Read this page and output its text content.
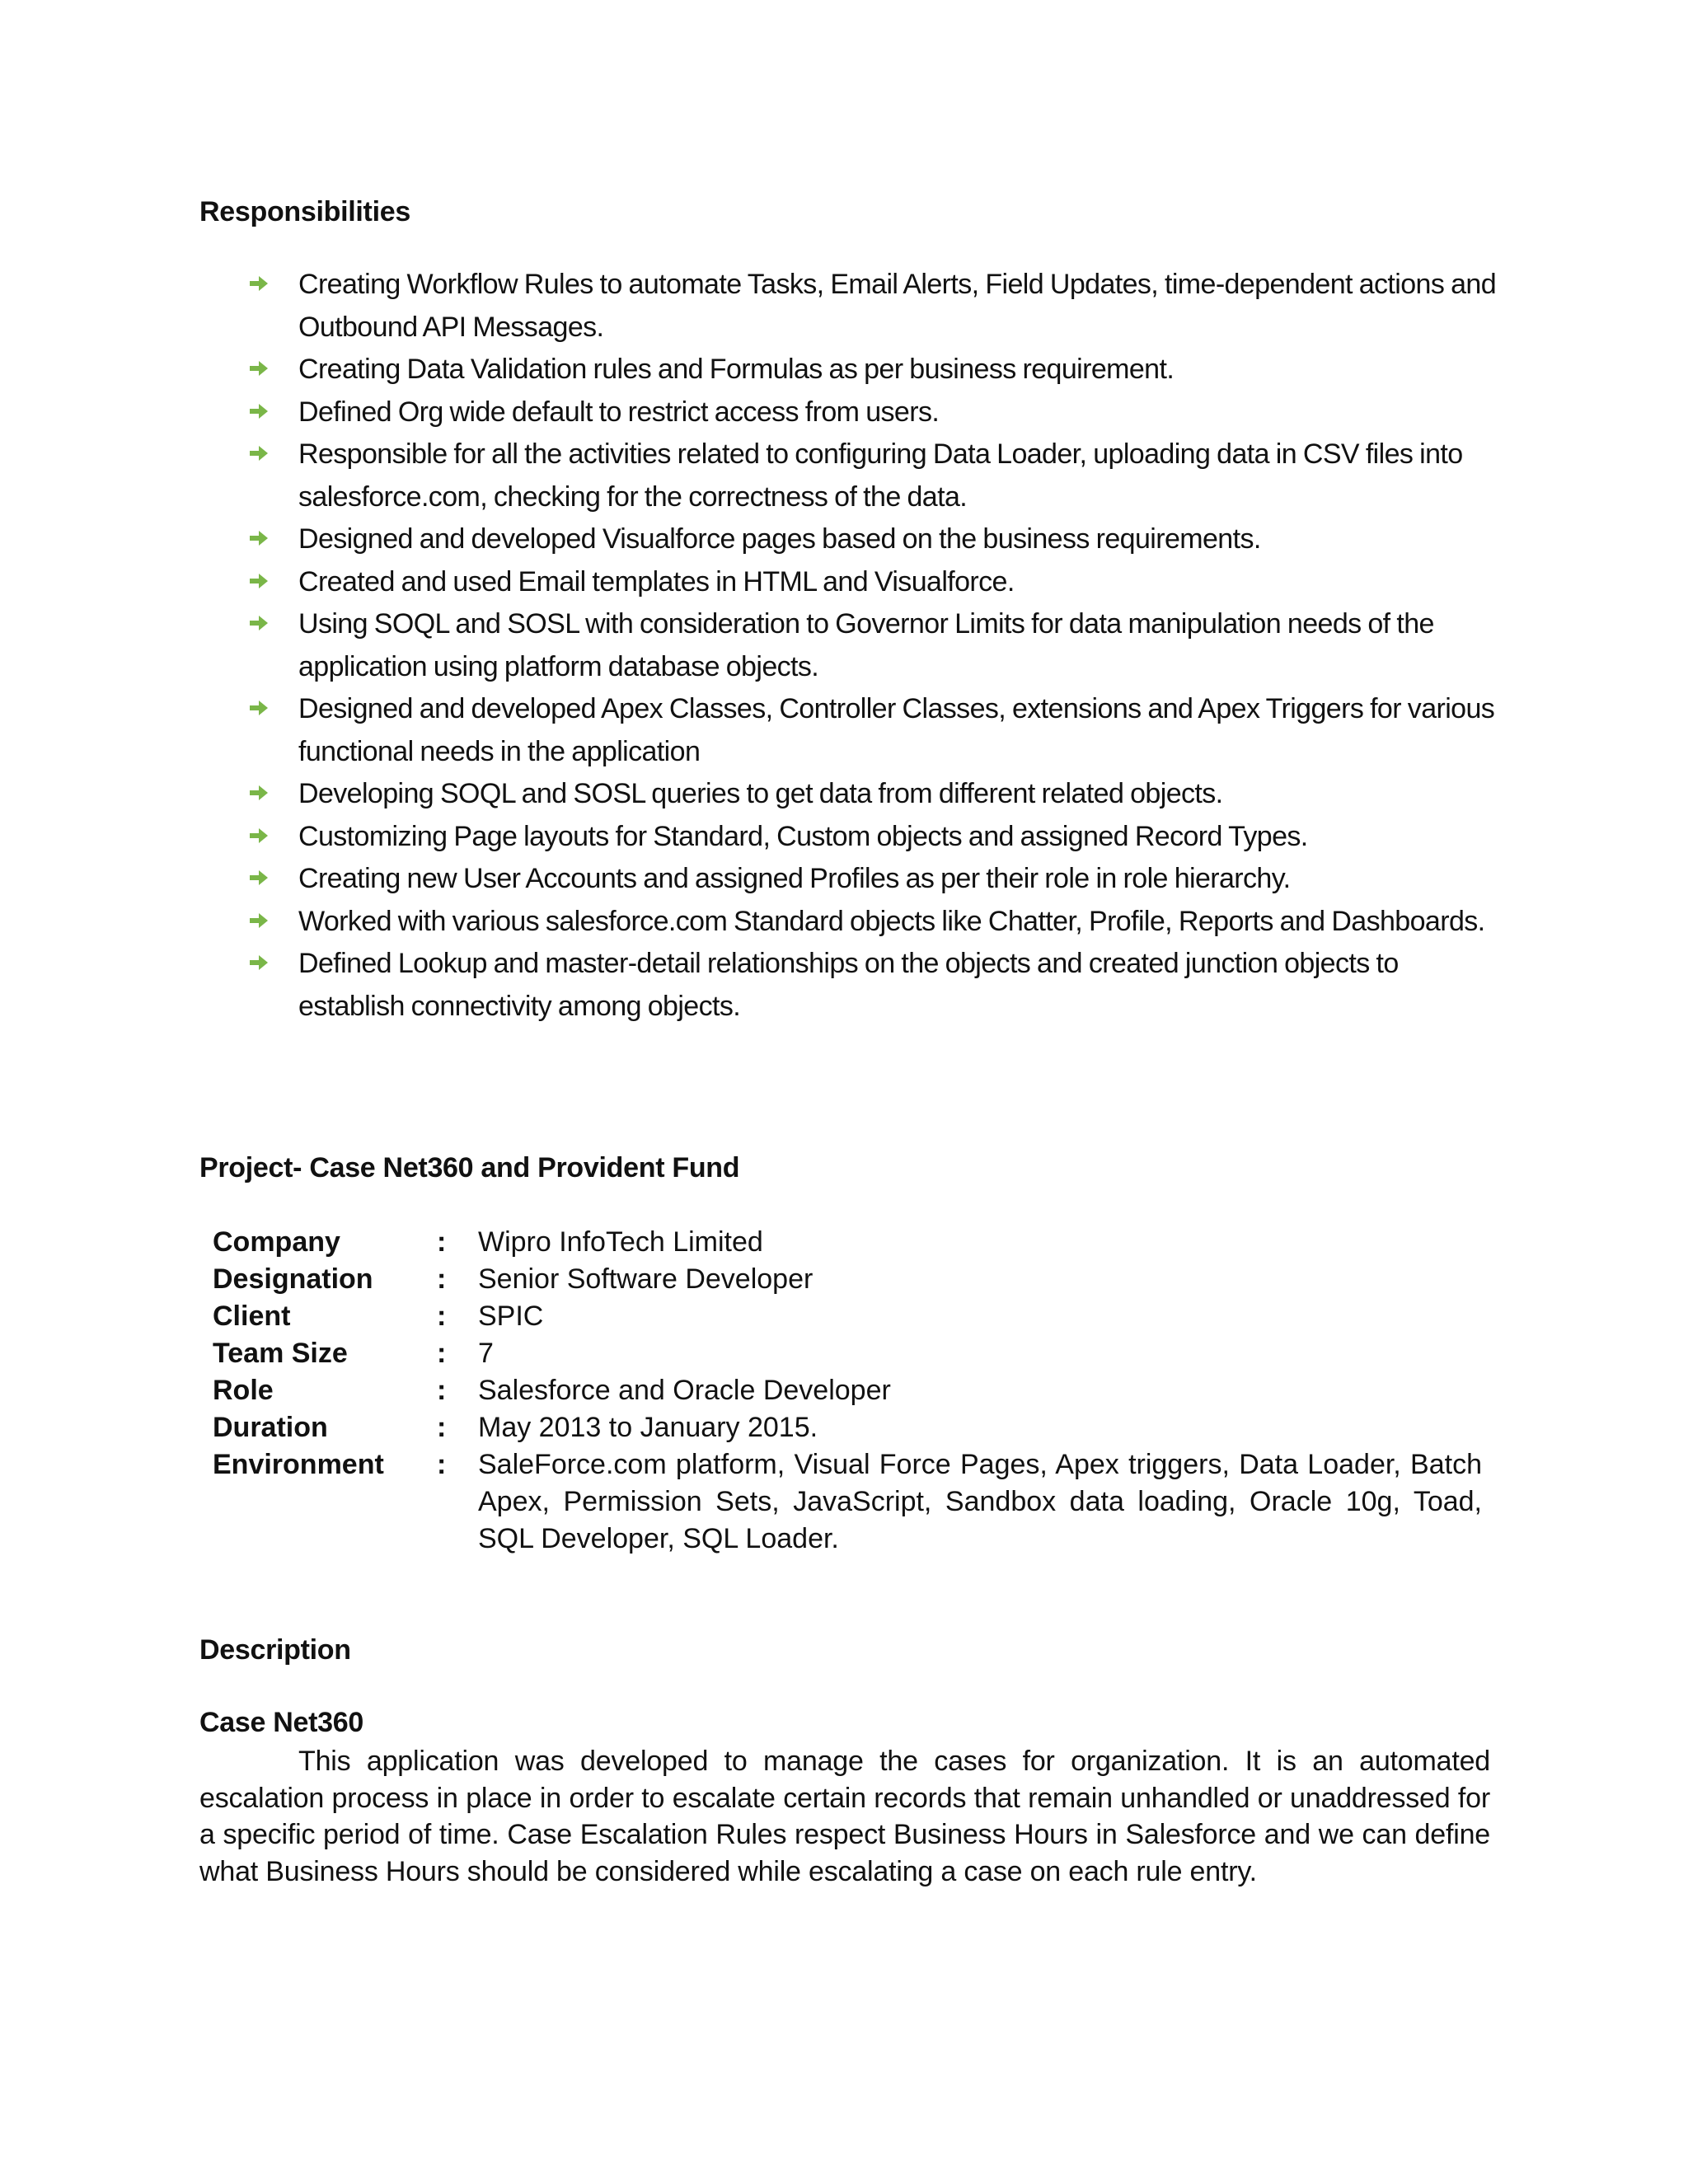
Responsibilities
Creating Workflow Rules to automate Tasks, Email Alerts, Field Updates, time-dependent actions and Outbound API Messages.
Creating Data Validation rules and Formulas as per business requirement.
Defined Org wide default to restrict access from users.
Responsible for all the activities related to configuring Data Loader, uploading data in CSV files into salesforce.com, checking for the correctness of the data.
Designed and developed Visualforce pages based on the business requirements.
Created and used Email templates in HTML and Visualforce.
Using SOQL and SOSL with consideration to Governor Limits for data manipulation needs of the application using platform database objects.
Designed and developed Apex Classes, Controller Classes, extensions and Apex Triggers for various functional needs in the application
Developing SOQL and SOSL queries to get data from different related objects.
Customizing Page layouts for Standard, Custom objects and assigned Record Types.
Creating new User Accounts and assigned Profiles as per their role in role hierarchy.
Worked with various salesforce.com Standard objects like Chatter, Profile, Reports and Dashboards.
Defined Lookup and master-detail relationships on the objects and created junction objects to establish connectivity among objects.
Project- Case Net360 and Provident Fund
Company	:	Wipro InfoTech Limited
Designation	:	Senior Software Developer
Client	:	SPIC
Team Size	:	7
Role	:	Salesforce and Oracle Developer
Duration	:	May 2013 to January 2015.
Environment	:	SaleForce.com platform, Visual Force Pages, Apex triggers, Data Loader, Batch Apex, Permission Sets, JavaScript, Sandbox data loading, Oracle 10g, Toad, SQL Developer, SQL Loader.
Description
Case Net360
This application was developed to manage the cases for organization. It is an automated escalation process in place in order to escalate certain records that remain unhandled or unaddressed for a specific period of time. Case Escalation Rules respect Business Hours in Salesforce and we can define what Business Hours should be considered while escalating a case on each rule entry.
